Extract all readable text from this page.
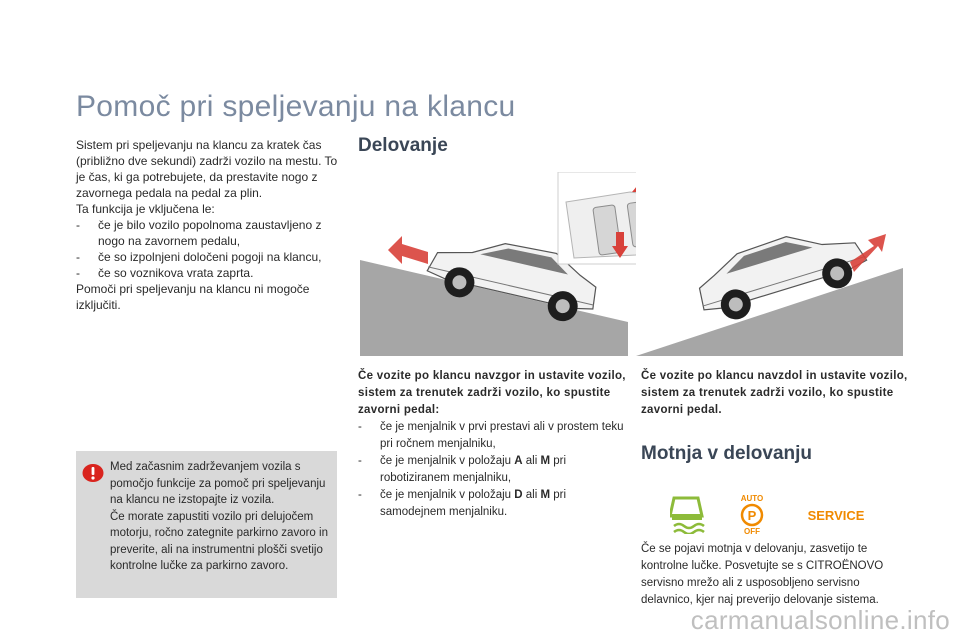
Pomoč pri speljevanju na klancu

Sistem pri speljevanju na klancu za kratek čas (približno dve sekundi) zadrži vozilo na mestu. To je čas, ki ga potrebujete, da prestavite nogo z zavornega pedala na pedal za plin.

Ta funkcija je vključena le:

-	če je bilo vozilo popolnoma zaustavljeno z nogo na zavornem pedalu,
-	če so izpolnjeni določeni pogoji na klancu,
-	če so voznikova vrata zaprta.

Pomoči pri speljevanju na klancu ni mogoče izključiti.

Med začasnim zadrževanjem vozila s pomočjo funkcije za pomoč pri speljevanju na klancu ne izstopajte iz vozila.
Če morate zapustiti vozilo pri delujočem motorju, ročno zategnite parkirno zavoro in preverite, ali na instrumentni plošči svetijo kontrolne lučke za parkirno zavoro.
Delovanje
Če vozite po klancu navzgor in ustavite vozilo, sistem za trenutek zadrži vozilo, ko spustite zavorni pedal:
-	če je menjalnik v prvi prestavi ali v prostem teku pri ročnem menjalniku,
-	če je menjalnik v položaju A ali M pri robotiziranem menjalniku,
-	če je menjalnik v položaju D ali M pri samodejnem menjalniku.
Če vozite po klancu navzdol in ustavite vozilo, sistem za trenutek zadrži vozilo, ko spustite zavorni pedal.
Motnja v delovanju
AUTO
P
OFF
SERVICE
Če se pojavi motnja v delovanju, zasvetijo te kontrolne lučke. Posvetujte se s CITROËNOVO servisno mrežo ali z usposobljeno servisno delavnico, kjer naj preverijo delovanje sistema.
carmanualsonline.info
